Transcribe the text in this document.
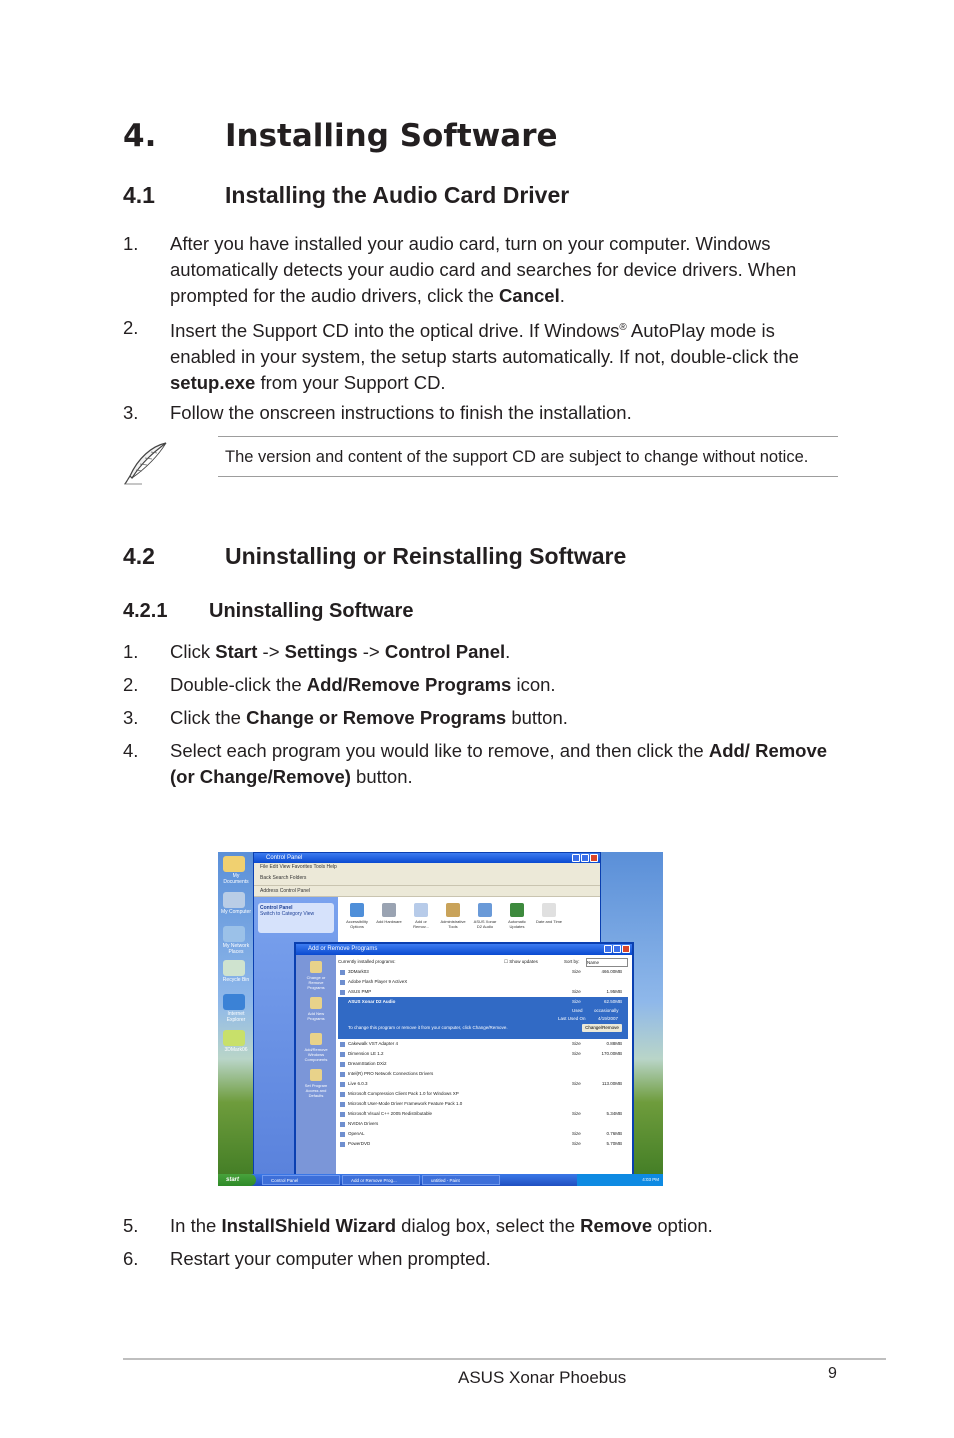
4. Installing Software
4.1	Installing the Audio Card Driver
1. After you have installed your audio card, turn on your computer. Windows automatically detects your audio card and searches for device drivers. When prompted for the audio drivers, click the Cancel.
2. Insert the Support CD into the optical drive. If Windows® AutoPlay mode is enabled in your system, the setup starts automatically. If not, double-click the setup.exe from your Support CD.
3. Follow the onscreen instructions to finish the installation.
The version and content of the support CD are subject to change without notice.
4.2	Uninstalling or Reinstalling Software
4.2.1 Uninstalling Software
1. Click Start -> Settings -> Control Panel.
2. Double-click the Add/Remove Programs icon.
3. Click the Change or Remove Programs button.
4. Select each program you would like to remove, and then click the Add/ Remove (or Change/Remove) button.
My Documents
My Computer
My Network Places
Recycle Bin
Internet Explorer
3DMark06
Control Panel
File Edit View Favorites Tools Help
Back Search Folders
Address Control Panel
Control Panel
Switch to Category View
Accessibility Options
Add Hardware	Add or Remov...
Administrative Tools
ASUS Xonar D2 Audio
Automatic Updates
Date and Time
Add or Remove Programs
Change or Remove Programs
Add New Programs
Add/Remove Windows Components
Set Program Access and Defaults
Currently installed programs:	☐ Show updates	Sort by:	Name
3DMark03	Size	466.00MB
Adobe Flash Player 9 ActiveX
ASUS PMP	Size	1.95MB
ASUS Xonar D2 Audio	Size	62.50MB
Used	occasionally
Last Used On	4/19/2007
To change this program or remove it from your computer, click Change/Remove.	Change/Remove
Cakewalk VST Adapter 4	Size	0.88MB
Dimension LE 1.2	Size	170.00MB
DreamStation DXi2
Intel(R) PRO Network Connections Drivers
Live 6.0.3	Size	113.00MB
Microsoft Compression Client Pack 1.0 for Windows XP
Microsoft User-Mode Driver Framework Feature Pack 1.0
Microsoft Visual C++ 2005 Redistributable	Size	5.34MB
NVIDIA Drivers
OpenAL	Size	0.76MB
PowerDVD	Size	5.70MB
start	Control Panel	Add or Remove Prog...	untitled - Paint	4:03 PM
5. In the InstallShield Wizard dialog box, select the Remove option.
6. Restart your computer when prompted.
ASUS Xonar Phoebus	9
